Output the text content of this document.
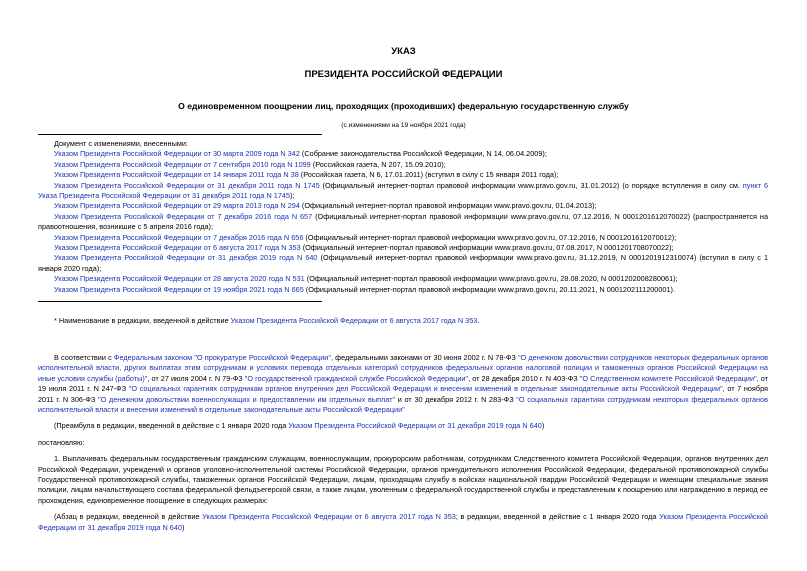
УКАЗ
ПРЕЗИДЕНТА РОССИЙСКОЙ ФЕДЕРАЦИИ
О единовременном поощрении лиц, проходящих (проходивших) федеральную государственную службу
(с изменениями на 19 ноября 2021 года)

Документ с изменениями, внесенными:

Указом Президента Российской Федерации от 30 марта 2009 года N 342 (Собрание законодательства Российской Федерации, N 14, 06.04.2009);

Указом Президента Российской Федерации от 7 сентября 2010 года N 1099 (Российская газета, N 207, 15.09.2010);

Указом Президента Российской Федерации от 14 января 2011 года N 38 (Российская газета, N 6, 17.01.2011) (вступил в силу с 15 января 2011 года);

Указом Президента Российской Федерации от 31 декабря 2011 года N 1745 (Официальный интернет-портал правовой информации www.pravo.gov.ru, 31.01.2012) (о порядке вступления в силу см. пункт 6 Указа Президента Российской Федерации от 31 декабря 2011 года N 1745);

Указом Президента Российской Федерации от 29 марта 2013 года N 294 (Официальный интернет-портал правовой информации www.pravo.gov.ru, 01.04.2013);

Указом Президента Российской Федерации от 7 декабря 2016 года N 657 (Официальный интернет-портал правовой информации www.pravo.gov.ru, 07.12.2016, N 0001201612070022) (распространяется на правоотношения, возникшие с 5 апреля 2016 года);

Указом Президента Российской Федерации от 7 декабря 2016 года N 656 (Официальный интернет-портал правовой информации www.pravo.gov.ru, 07.12.2016, N 0001201612070012);

Указом Президента Российской Федерации от 6 августа 2017 года N 353 (Официальный интернет-портал правовой информации www.pravo.gov.ru, 07.08.2017, N 0001201708070022);

Указом Президента Российской Федерации от 31 декабря 2019 года N 640 (Официальный интернет-портал правовой информации www.pravo.gov.ru, 31.12.2019, N 0001201912310074) (вступил в силу с 1 января 2020 года);

Указом Президента Российской Федерации от 28 августа 2020 года N 531 (Официальный интернет-портал правовой информации www.pravo.gov.ru, 28.08.2020, N 0001202008280061);

Указом Президента Российской Федерации от 19 ноября 2021 года N 665 (Официальный интернет-портал правовой информации www.pravo.gov.ru, 20.11.2021, N 0001202111200001).

* Наименование в редакции, введенной в действие Указом Президента Российской Федерации от 6 августа 2017 года N 353.

В соответствии с Федеральным законом "О прокуратуре Российской Федерации", федеральными законами от 30 июня 2002 г. N 78-ФЗ "О денежном довольствии сотрудников некоторых федеральных органов исполнительной власти, других выплатах этим сотрудникам и условиях перевода отдельных категорий сотрудников федеральных органов налоговой полиции и таможенных органов Российской Федерации на иные условия службы (работы)", от 27 июля 2004 г. N 79-ФЗ "О государственной гражданской службе Российской Федерации", от 28 декабря 2010 г. N 403-ФЗ "О Следственном комитете Российской Федерации", от 19 июля 2011 г. N 247-ФЗ "О социальных гарантиях сотрудникам органов внутренних дел Российской Федерации и внесении изменений в отдельные законодательные акты Российской Федерации", от 7 ноября 2011 г. N 306-ФЗ "О денежном довольствии военнослужащих и предоставлении им отдельных выплат" и от 30 декабря 2012 г. N 283-ФЗ "О социальных гарантиях сотрудникам некоторых федеральных органов исполнительной власти и внесении изменений в отдельные законодательные акты Российской Федерации"

(Преамбула в редакции, введенной в действие с 1 января 2020 года Указом Президента Российской Федерации от 31 декабря 2019 года N 640)

постановляю:

1. Выплачивать федеральным государственным гражданским служащим, военнослужащим, прокурорским работникам, сотрудникам Следственного комитета Российской Федерации, органов внутренних дел Российской Федерации, учреждений и органов уголовно-исполнительной системы Российской Федерации, органов принудительного исполнения Российской Федерации, федеральной противопожарной службы Государственной противопожарной службы, таможенных органов Российской Федерации, лицам, проходящим службу в войсках национальной гвардии Российской Федерации и имеющим специальные звания полиции, лицам начальствующего состава федеральной фельдъегерской связи, а также лицам, уволенным с федеральной государственной службы и представленным к поощрению или награждению в период ее прохождения, единовременное поощрение в следующих размерах:

(Абзац в редакции, введенной в действие Указом Президента Российской Федерации от 6 августа 2017 года N 353; в редакции, введенной в действие с 1 января 2020 года Указом Президента Российской Федерации от 31 декабря 2019 года N 640)
